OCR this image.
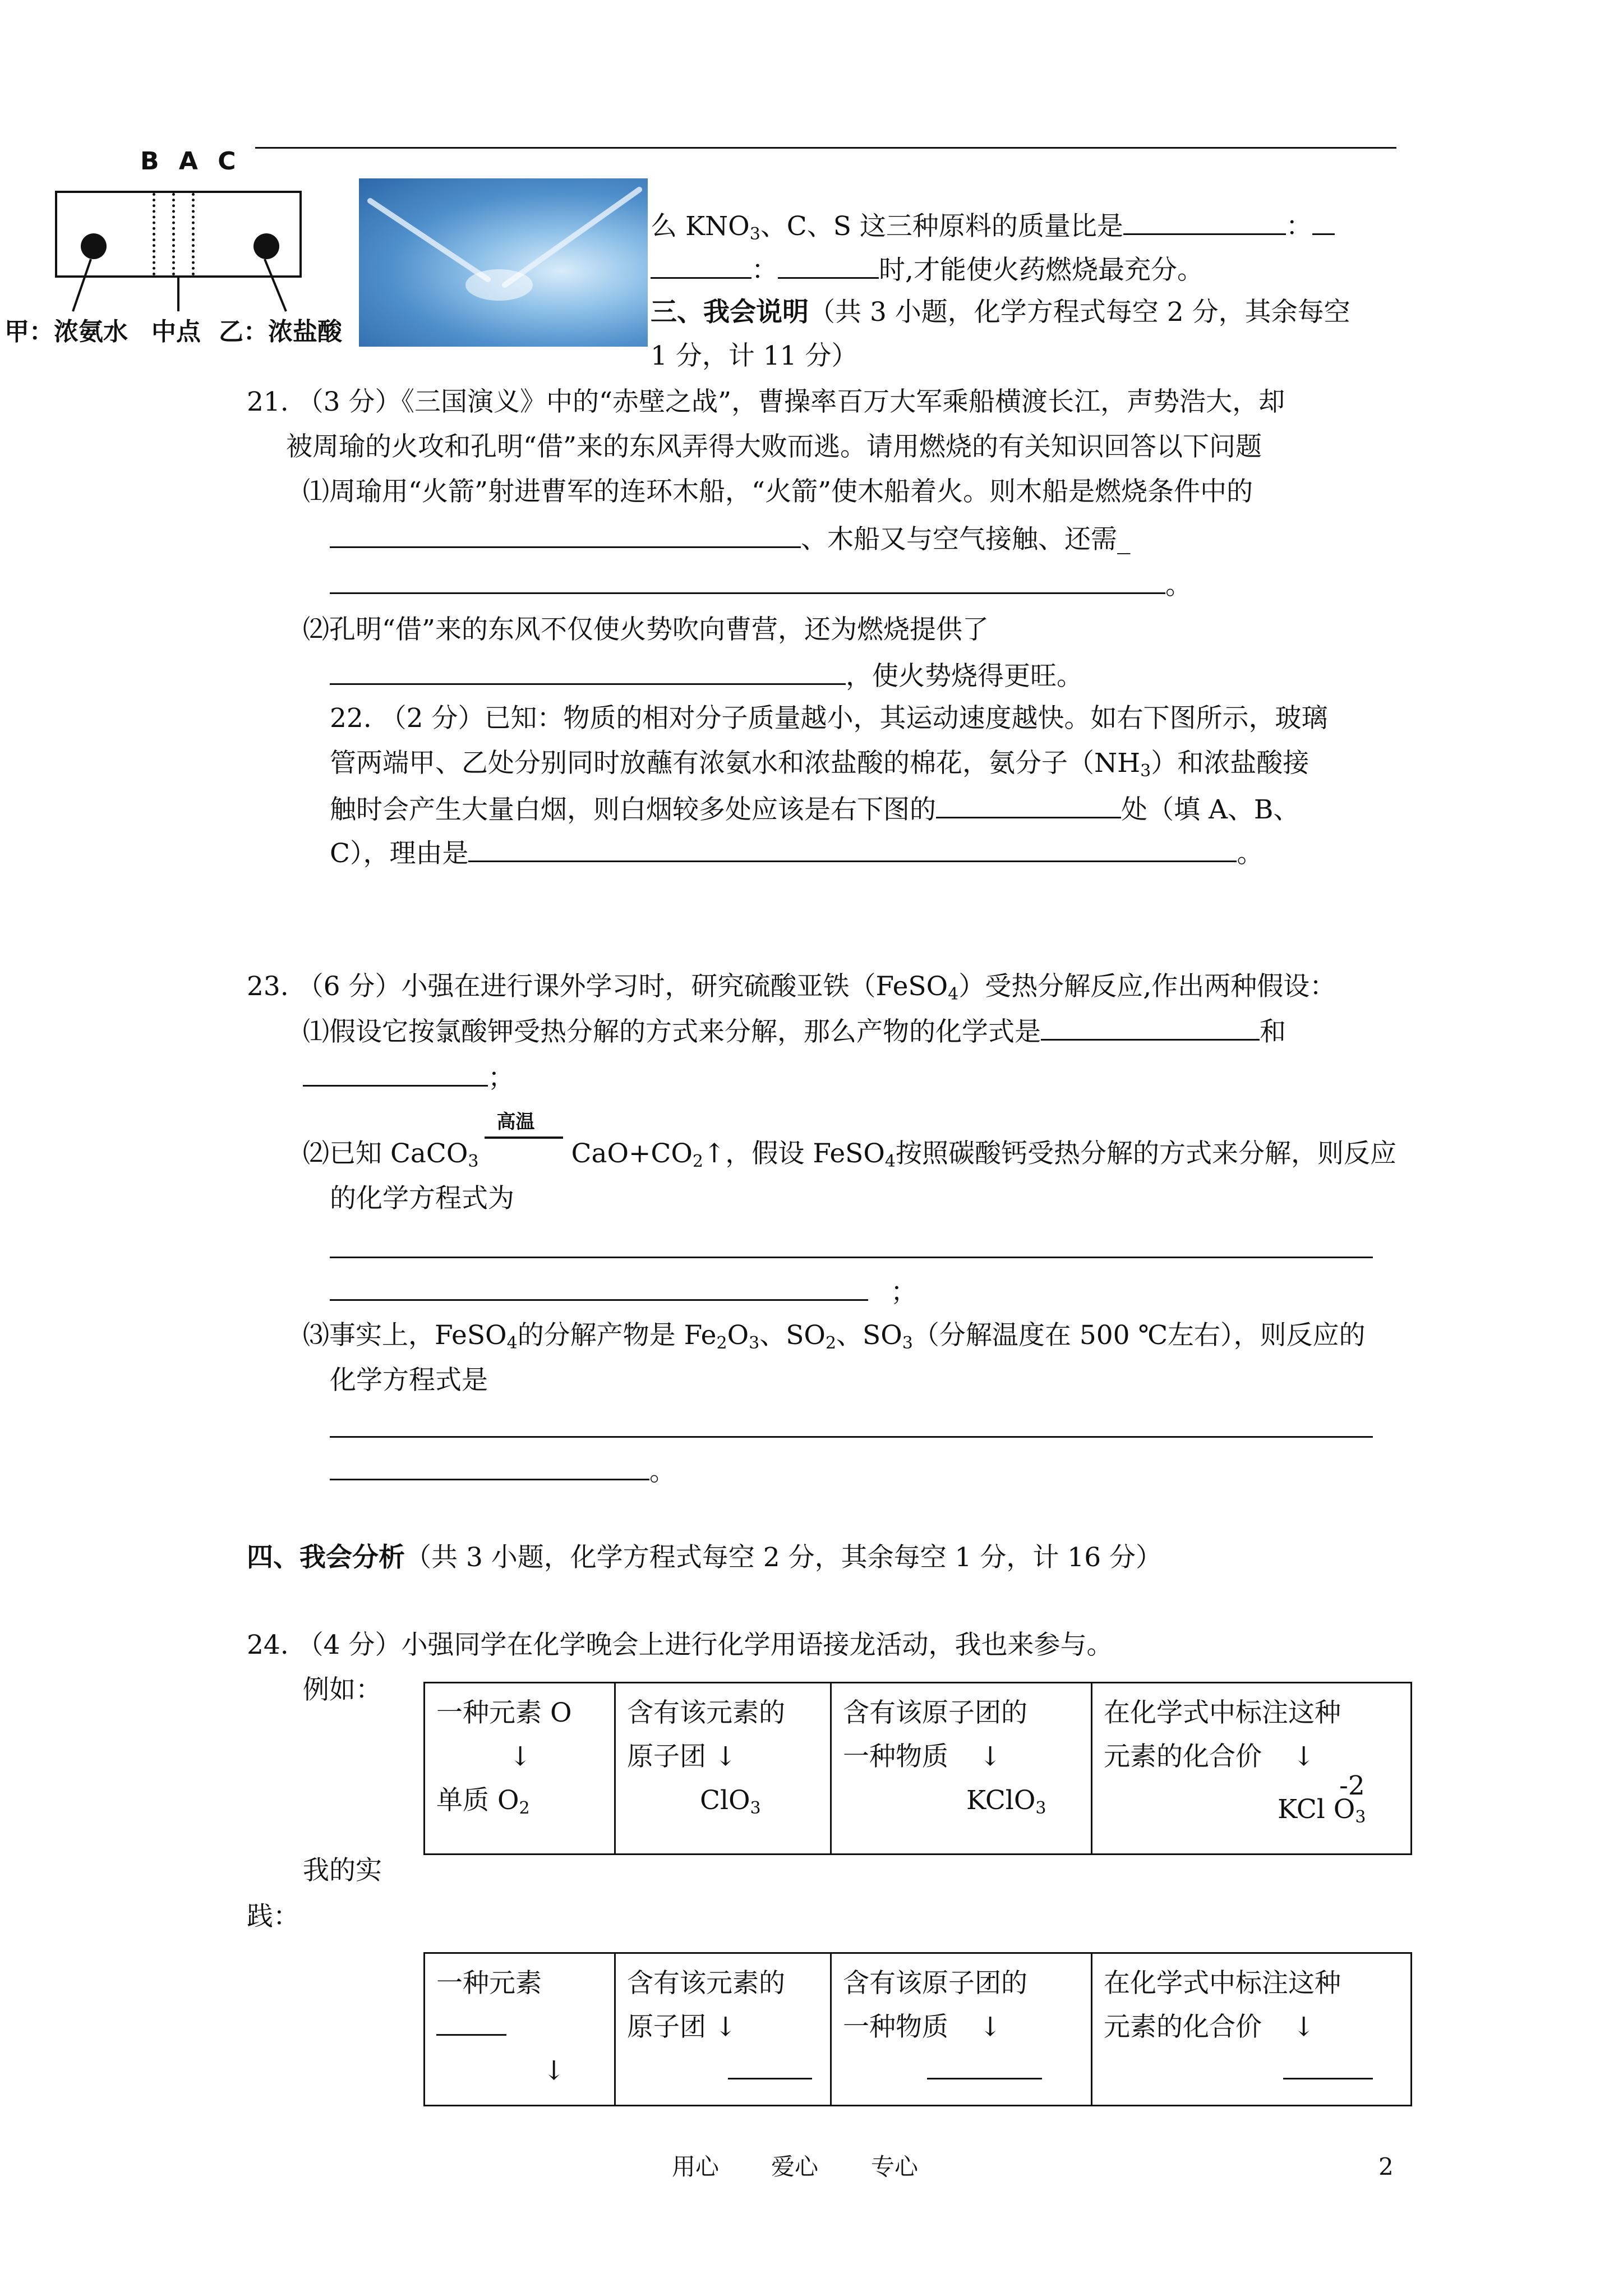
B A C
甲：浓氨水 中点 乙：浓盐酸
么 $KNO_3$、C、S 这三种原料的质量比是	：
：	时,才能使火药燃烧最充分。
三、我会说明（共 3 小题，化学方程式每空 2 分，其余每空
1 分，计 11 分）
21. （3 分）《三国演义》中的“赤壁之战”，曹操率百万大军乘船横渡长江，声势浩大，却
被周瑜的火攻和孔明“借”来的东风弄得大败而逃。请用燃烧的有关知识回答以下问题
⑴周瑜用“火箭”射进曹军的连环木船，“火箭”使木船着火。则木船是燃烧条件中的
、木船又与空气接触、还需_
。
⑵孔明“借”来的东风不仅使火势吹向曹营，还为燃烧提供了
，使火势烧得更旺。
22. （2 分）已知：物质的相对分子质量越小，其运动速度越快。如右下图所示，玻璃
管两端甲、乙处分别同时放蘸有浓氨水和浓盐酸的棉花，氨分子$(NH_3)$和浓盐酸接
触时会产生大量白烟，则白烟较多处应该是右下图的	处（填 A、B、
C），理由是	。
23. （6 分）小强在进行课外学习时，研究硫酸亚铁（FeSO$_4$）受热分解反应,作出两种假设：
⑴假设它按氯酸钾受热分解的方式来分解，那么产物的化学式是	和
；
⑵已知 CaCO$_3$
高温
$CaO+CO_2↑$，假设 FeSO$_4$按照碳酸钙受热分解的方式来分解，则反应
的化学方程式为
；
⑶事实上，FeSO$_4$的分解产物是 $Fe_2O_3$、$SO_2$、$SO_3$（分解温度在 500 ℃左右），则反应的
化学方程式是
。
四、我会分析（共 3 小题，化学方程式每空 2 分，其余每空 1 分，计 16 分）
24. （4 分）小强同学在化学晚会上进行化学用语接龙活动，我也来参与。
例如：
一种元素 O
↓
单质 $O_2$

含有该元素的
原子团 ↓
ClO$_3$

含有该原子团的
一种物质 ↓
KClO$_3$

在化学式中标注这种
元素的化合价 ↓
-2
KCl $O_3$
我的实
践：
一种元素
↓

含有该元素的
原子团 ↓

含有该原子团的
一种物质 ↓

在化学式中标注这种
元素的化合价 ↓
用心 爱心 专心	2
